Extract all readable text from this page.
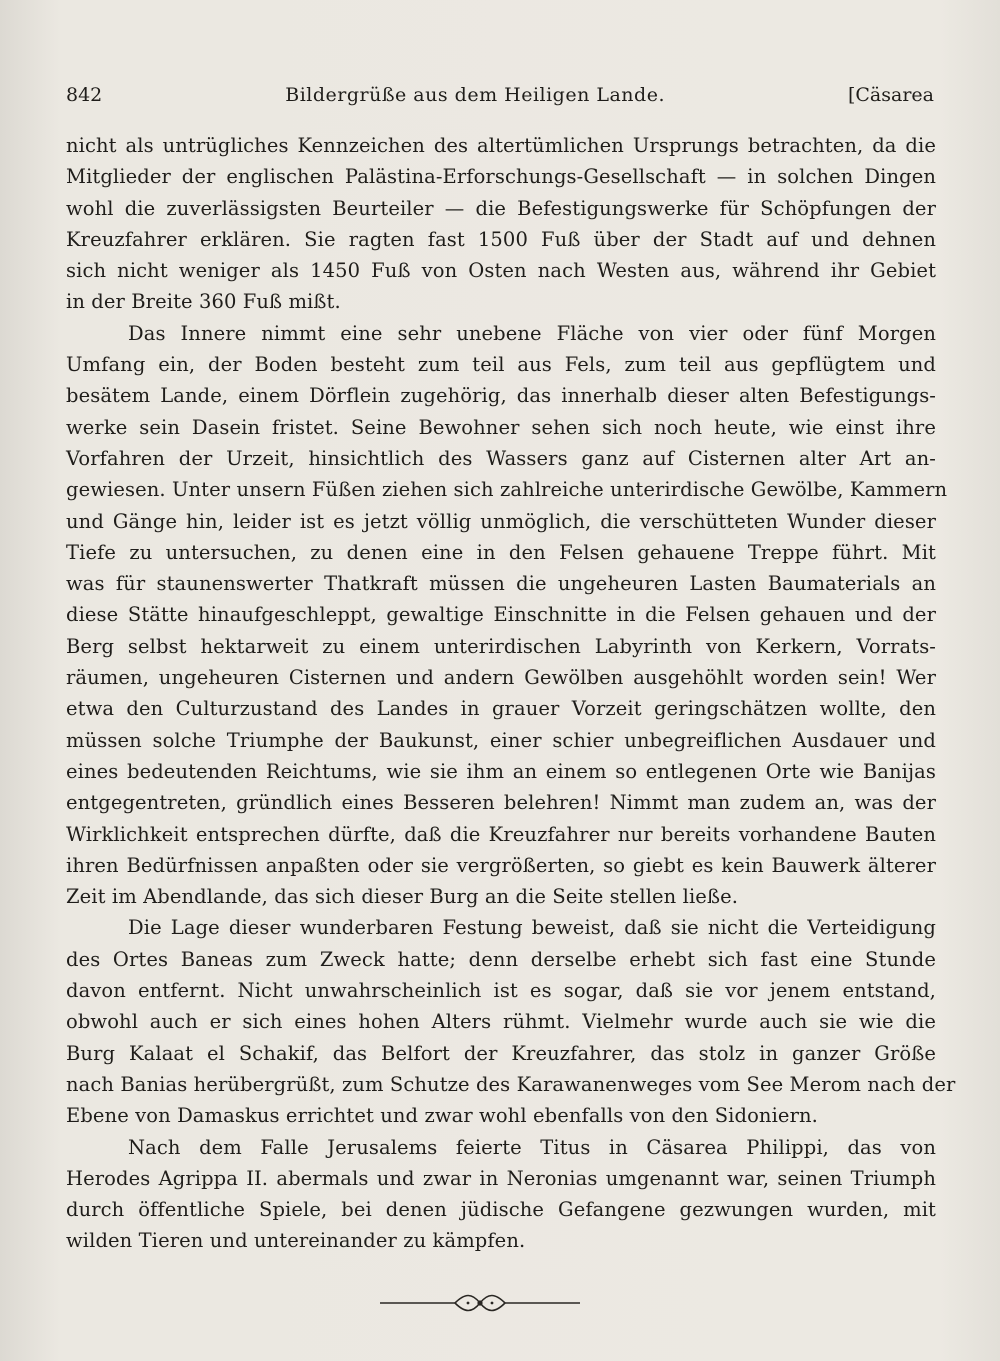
842	Bildergrüße aus dem Heiligen Lande.	[Cäsarea

nicht als untrügliches Kennzeichen des altertümlichen Ursprungs betrachten, da die
Mitglieder der englischen Palästina-Erforschungs-Gesellschaft — in solchen Dingen
wohl die zuverlässigsten Beurteiler — die Befestigungswerke für Schöpfungen der
Kreuzfahrer erklären. Sie ragten fast 1500 Fuß über der Stadt auf und dehnen
sich nicht weniger als 1450 Fuß von Osten nach Westen aus, während ihr Gebiet
in der Breite 360 Fuß mißt.

Das Innere nimmt eine sehr unebene Fläche von vier oder fünf Morgen
Umfang ein, der Boden besteht zum teil aus Fels, zum teil aus gepflügtem und
besätem Lande, einem Dörflein zugehörig, das innerhalb dieser alten Befestigungs-
werke sein Dasein fristet. Seine Bewohner sehen sich noch heute, wie einst ihre
Vorfahren der Urzeit, hinsichtlich des Wassers ganz auf Cisternen alter Art an-
gewiesen. Unter unsern Füßen ziehen sich zahlreiche unterirdische Gewölbe, Kammern
und Gänge hin, leider ist es jetzt völlig unmöglich, die verschütteten Wunder dieser
Tiefe zu untersuchen, zu denen eine in den Felsen gehauene Treppe führt. Mit
was für staunenswerter Thatkraft müssen die ungeheuren Lasten Baumaterials an
diese Stätte hinaufgeschleppt, gewaltige Einschnitte in die Felsen gehauen und der
Berg selbst hektarweit zu einem unterirdischen Labyrinth von Kerkern, Vorrats-
räumen, ungeheuren Cisternen und andern Gewölben ausgehöhlt worden sein! Wer
etwa den Culturzustand des Landes in grauer Vorzeit geringschätzen wollte, den
müssen solche Triumphe der Baukunst, einer schier unbegreiflichen Ausdauer und
eines bedeutenden Reichtums, wie sie ihm an einem so entlegenen Orte wie Banijas
entgegentreten, gründlich eines Besseren belehren! Nimmt man zudem an, was der
Wirklichkeit entsprechen dürfte, daß die Kreuzfahrer nur bereits vorhandene Bauten
ihren Bedürfnissen anpaßten oder sie vergrößerten, so giebt es kein Bauwerk älterer
Zeit im Abendlande, das sich dieser Burg an die Seite stellen ließe.

Die Lage dieser wunderbaren Festung beweist, daß sie nicht die Verteidigung
des Ortes Baneas zum Zweck hatte; denn derselbe erhebt sich fast eine Stunde
davon entfernt. Nicht unwahrscheinlich ist es sogar, daß sie vor jenem entstand,
obwohl auch er sich eines hohen Alters rühmt. Vielmehr wurde auch sie wie die
Burg Kalaat el Schakif, das Belfort der Kreuzfahrer, das stolz in ganzer Größe
nach Banias herübergrüßt, zum Schutze des Karawanenweges vom See Merom nach der
Ebene von Damaskus errichtet und zwar wohl ebenfalls von den Sidoniern.

Nach dem Falle Jerusalems feierte Titus in Cäsarea Philippi, das von
Herodes Agrippa II. abermals und zwar in Neronias umgenannt war, seinen Triumph
durch öffentliche Spiele, bei denen jüdische Gefangene gezwungen wurden, mit
wilden Tieren und untereinander zu kämpfen.
